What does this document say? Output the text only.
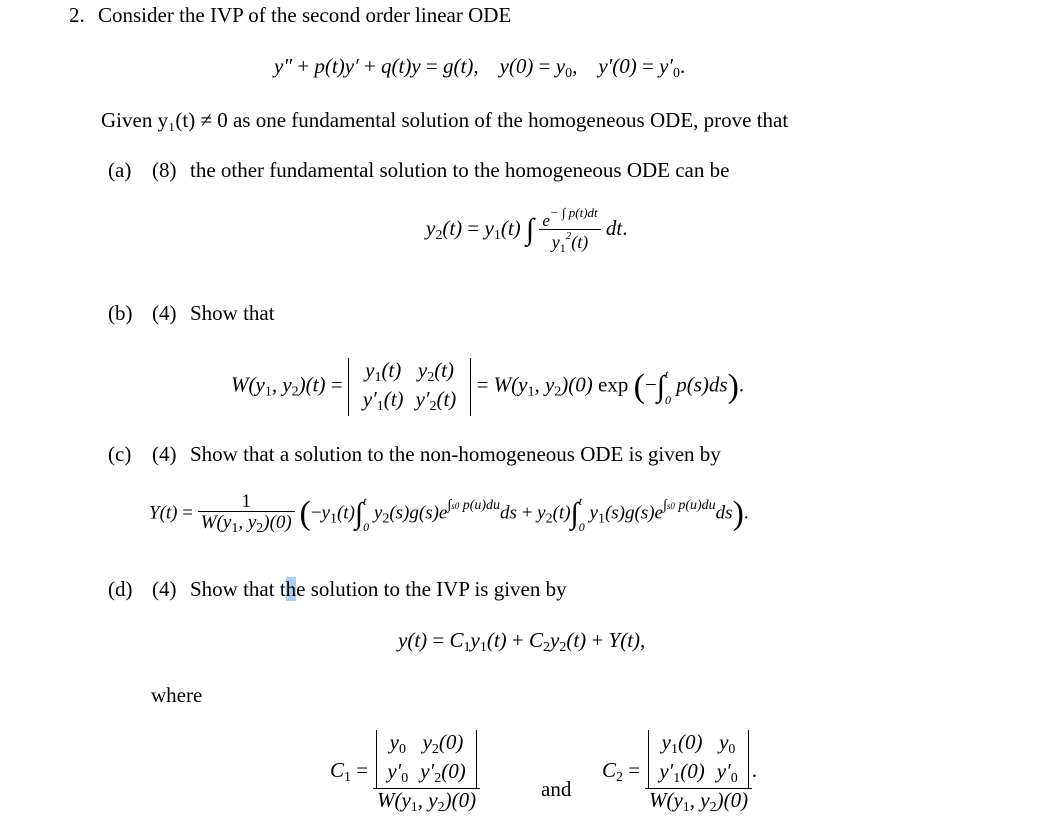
2. Consider the IVP of the second order linear ODE
y″ + p(t)y′ + q(t)y = g(t),    $y(0) = y_0$,    $y'(0) = y'_0$.
Given y₁(t) ≠ 0 as one fundamental solution of the homogeneous ODE, prove that
(a) (8) the other fundamental solution to the homogeneous ODE can be
$y_2(t) = y_1(t)$ ∫ $\frac{e^{- \int p(t)dt}}{y_1^2(t)}$ dt.
(b) (4) Show that
$W(y_1$, $y_2)(t)$ =
$y_1(t)$	$y_2(t)$
$y'_1(t)$	$y'_2(t)$
= $W(y_1$, $y_2)(0)$ exp (−∫ t
0
p(s)ds).
(c) (4) Show that a solution to the non-homogeneous ODE is given by
$Y(t) = \frac{1}{W(y_1, y_2)(0)} (-y_1(t)\int$ t
0
$y_2(s)g(s)e^{\int s0 p(u)du}ds + y_2(t)\int$ t
0
$y_1(s)g(s)e^{\int s0 p(u)du}ds$).
(d) (4) Show that the solution to the IVP is given by
$y(t) = C_1y_1(t) + C_2y_2(t) + Y(t)$,
where
$C_1 = y_0$	$y_2(0)$
$y'_0$	$y'_2(0)$
$W(y_1$, $y_2)(0)$	and
$C_2 = y_1(0)$	$y_0$
$y'_1(0)$	$y'_0$
$W(y_1$, $y_2)(0)$ .
